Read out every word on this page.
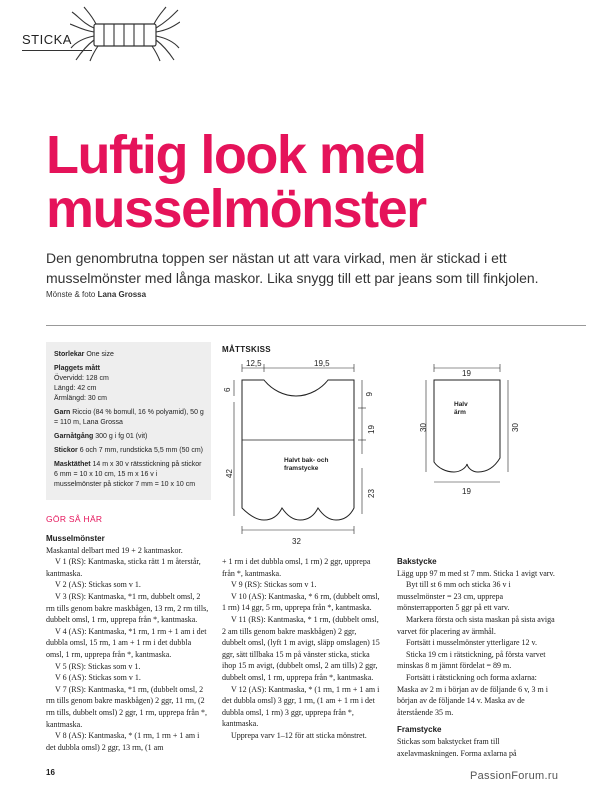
STICKA
Luftig look med
musselmönster

Den genombrutna toppen ser nästan ut att vara virkad, men är stickad i ett musselmönster med långa maskor. Lika snygg till ett par jeans som till finkjolen.

Mönste & foto Lana Grossa

Storlekar One size

Plaggets mått
Övervidd: 128 cm
Längd: 42 cm
Ärmlängd: 30 cm

Garn Riccio (84 % bomull, 16 % polyamid), 50 g = 110 m, Lana Grossa

Garnåtgång 300 g i fg 01 (vit)

Stickor 6 och 7 mm, rundsticka 5,5 mm (50 cm)

Masktäthet 14 m x 30 v rätsstickning på stickor 6 mm = 10 x 10 cm, 15 m x 16 v i musselmönster på stickor 7 mm = 10 x 10 cm

GÖR SÅ HÄR

Musselmönster

Maskantal delbart med 19 + 2 kantmaskor.

V 1 (RS): Kantmaska, sticka rätt 1 m återstår, kantmaska.

V 2 (AS): Stickas som v 1.

V 3 (RS): Kantmaska, *1 rm, dubbelt omsl, 2 rm tills genom bakre maskbågen, 13 rm, 2 rm tills, dubbelt omsl, 1 rm, upprepa från *, kantmaska.

V 4 (AS): Kantmaska, *1 rm, 1 rm + 1 am i det dubbla omsl, 15 rm, 1 am + 1 rm i det dubbla omsl, 1 rm, upprepa från *, kantmaska.

V 5 (RS): Stickas som v 1.

V 6 (AS): Stickas som v 1.

V 7 (RS): Kantmaska, *1 rm, (dubbelt omsl, 2 rm tills genom bakre maskbågen) 2 ggr, 11 rm, (2 rm tills, dubbelt omsl) 2 ggr, 1 rm, upprepa från *, kantmaska.

V 8 (AS): Kantmaska, * (1 rm, 1 rm + 1 am i det dubbla omsl) 2 ggr, 13 rm, (1 am

MÅTTSKISS
12,5	19,5
6
6
19
42
23
32
19
30	30
19
Halvt bak- och
framstycke
Halv
ärm

+ 1 rm i det dubbla omsl, 1 rm) 2 ggr, upprepa från *, kantmaska.

V 9 (RS): Stickas som v 1.

V 10 (AS): Kantmaska, * 6 rm, (dubbelt omsl, 1 rm) 14 ggr, 5 rm, upprepa från *, kantmaska.

V 11 (RS): Kantmaska, * 1 rm, (dubbelt omsl, 2 am tills genom bakre maskbågen) 2 ggr, dubbelt omsl, (lyft 1 m avigt, släpp omslagen) 15 ggr, sätt tillbaka 15 m på vänster sticka, sticka ihop 15 m avigt, (dubbelt omsl, 2 am tills) 2 ggr, dubbelt omsl, 1 rm, upprepa från *, kantmaska.

V 12 (AS): Kantmaska, * (1 rm, 1 rm + 1 am i det dubbla omsl) 3 ggr, 1 rm, (1 am + 1 rm i det dubbla omsl, 1 rm) 3 ggr, upprepa från *, kantmaska.

Upprepa varv 1–12 för att sticka mönstret.

Bakstycke

Lägg upp 97 m med st 7 mm. Sticka 1 avigt varv.

Byt till st 6 mm och sticka 36 v i musselmönster = 23 cm, upprepa mönsterrapporten 5 ggr på ett varv.

Markera första och sista maskan på sista aviga varvet för placering av ärmhål.

Fortsätt i musselmönster ytterligare 12 v.

Sticka 19 cm i rätstickning, på första varvet minskas 8 m jämnt fördelat = 89 m.

Fortsätt i rätstickning och forma axlarna: Maska av 2 m i början av de följande 6 v, 3 m i början av de följande 14 v. Maska av de återstående 35 m.

Framstycke

Stickas som bakstycket fram till axelavmaskningen. Forma axlarna på

16	PassionForum.ru
